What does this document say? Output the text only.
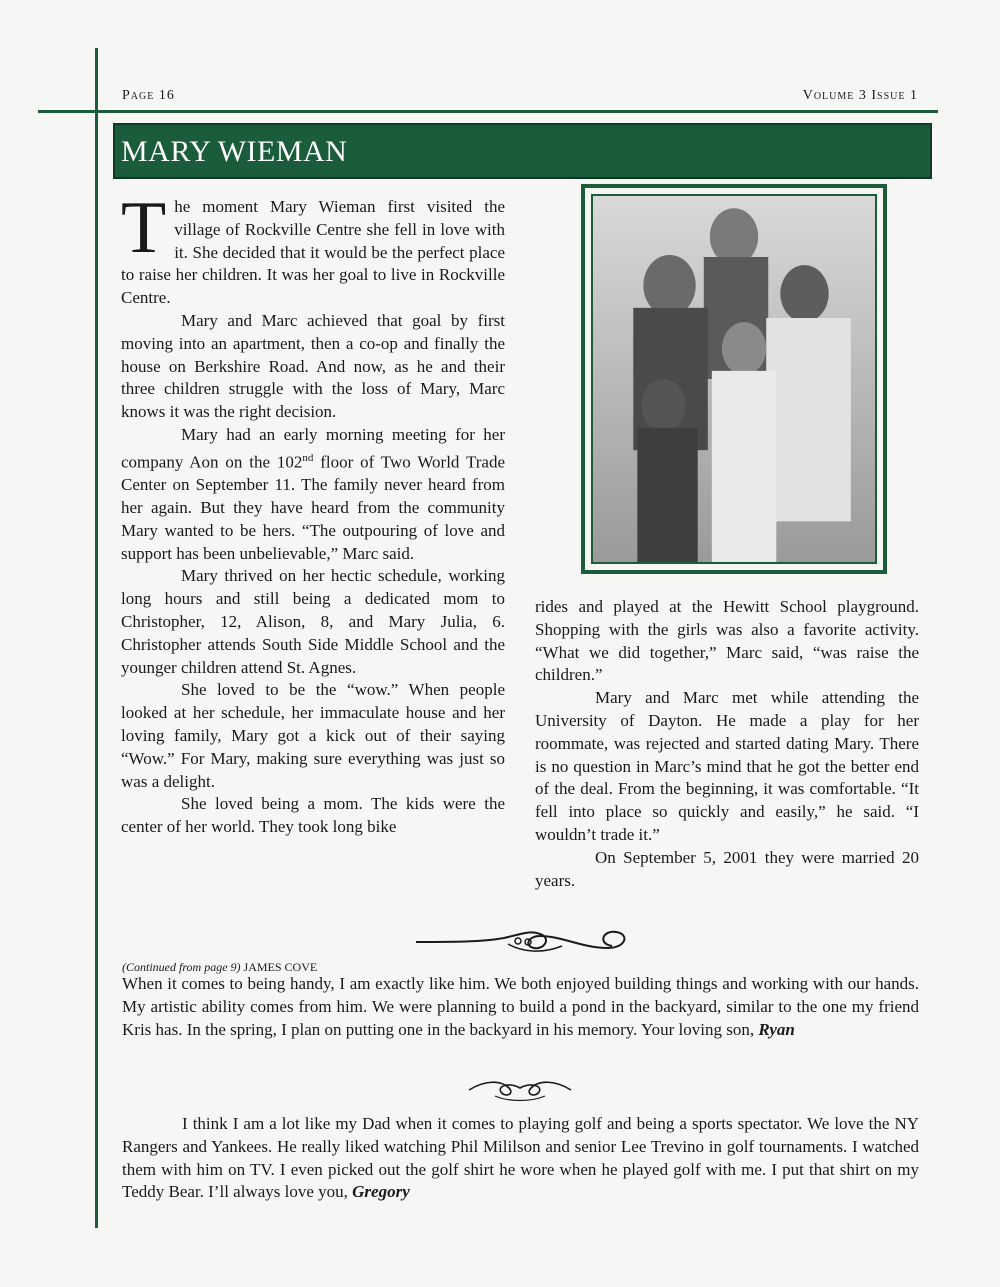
Page 16	Volume 3 Issue 1
MARY WIEMAN

The moment Mary Wieman first visited the village of Rockville Centre she fell in love with it. She decided that it would be the perfect place to raise her children. It was her goal to live in Rockville Centre.

Mary and Marc achieved that goal by first moving into an apartment, then a co-op and finally the house on Berkshire Road. And now, as he and their three children struggle with the loss of Mary, Marc knows it was the right decision.

Mary had an early morning meeting for her company Aon on the 102nd floor of Two World Trade Center on September 11. The family never heard from her again. But they have heard from the community Mary wanted to be hers. “The outpouring of love and support has been unbelievable,” Marc said.

Mary thrived on her hectic schedule, working long hours and still being a dedicated mom to Christopher, 12, Alison, 8, and Mary Julia, 6. Christopher attends South Side Middle School and the younger children attend St. Agnes.

She loved to be the “wow.” When people looked at her schedule, her immaculate house and her loving family, Mary got a kick out of their saying “Wow.” For Mary, making sure everything was just so was a delight.

She loved being a mom. The kids were the center of her world. They took long bike

rides and played at the Hewitt School playground. Shopping with the girls was also a favorite activity. “What we did together,” Marc said, “was raise the children.”

Mary and Marc met while attending the University of Dayton. He made a play for her roommate, was rejected and started dating Mary. There is no question in Marc’s mind that he got the better end of the deal. From the beginning, it was comfortable. “It fell into place so quickly and easily,” he said. “I wouldn’t trade it.”

On September 5, 2001 they were married 20 years.

(Continued from page 9) JAMES COVE

When it comes to being handy, I am exactly like him. We both enjoyed building things and working with our hands. My artistic ability comes from him. We were planning to build a pond in the backyard, similar to the one my friend Kris has. In the spring, I plan on putting one in the backyard in his memory. Your loving son, Ryan

I think I am a lot like my Dad when it comes to playing golf and being a sports spectator. We love the NY Rangers and Yankees. He really liked watching Phil Mililson and senior Lee Trevino in golf tournaments. I watched them with him on TV. I even picked out the golf shirt he wore when he played golf with me. I put that shirt on my Teddy Bear. I’ll always love you, Gregory
